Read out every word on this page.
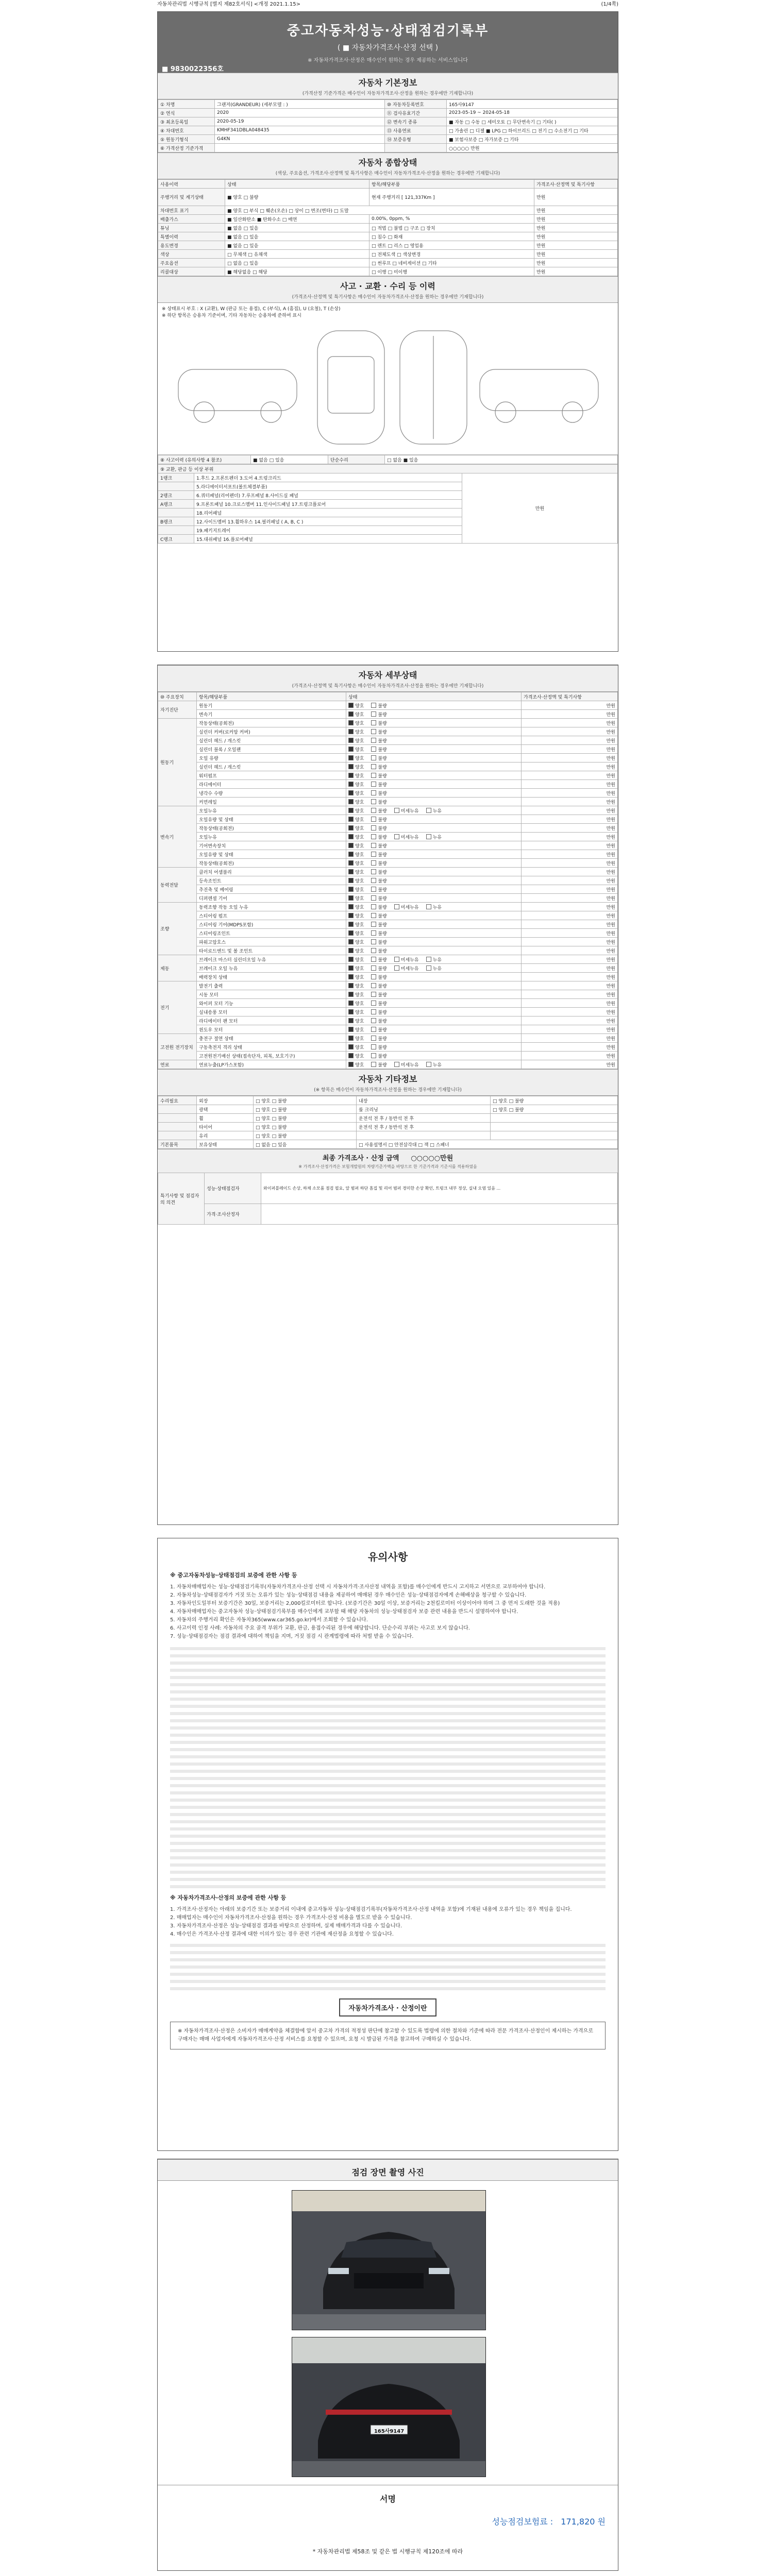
자동차관리법 시행규칙 [별지 제82호서식] <개정 2021.1.15>	(1/4쪽)
중고자동차성능·상태점검기록부
( ■ 자동차가격조사·산정 선택 )
※ 자동차가격조사·산정은 매수인이 원하는 경우 제공하는 서비스입니다
■ 9830022356호
자동차 기본정보
(가격산정 기준가격은 매수인이 자동차가격조사·산정을 원하는 경우에만 기재합니다)
① 차명	그랜저(GRANDEUR) (세부모델 : )	⑩ 자동차등록번호	165사9147
② 연식	2020	⑪ 검사유효기간	2023-05-19 ~ 2024-05-18
③ 최초등록일	2020-05-19	⑫ 변속기 종류	■ 자동 □ 수동 □ 세미오토 □ 무단변속기 □ 기타( )
④ 차대번호	KMHF341DBLA048435	⑬ 사용연료	□ 가솔린 □ 디젤 ■ LPG □ 하이브리드 □ 전기 □ 수소전기 □ 기타
⑤ 원동기형식	G4KN	⑭ 보증유형	■ 보험사보증 □ 자가보증 □ 기타
⑥ 가격산정 기준가격			○○○○○ 만원
자동차 종합상태
(색상, 주요옵션, 가격조사·산정액 및 특기사항은 매수인이 자동차가격조사·산정을 원하는 경우에만 기재합니다)
사용이력	상태	항목/해당부품	가격조사·산정액 및 특기사항
주행거리 및 계기상태	■ 양호 □ 불량	현재 주행거리 [ 121,337Km ]	만원
차대번호 표기	■ 양호 □ 부식 □ 훼손(오손) □ 상이 □ 변조(변타) □ 도말		만원
배출가스	■ 일산화탄소 ■ 탄화수소 □ 매연	0.00%, 0ppm, %	만원
튜닝	■ 없음 □ 있음	□ 적법 □ 불법 □ 구조 □ 장치	만원
특별이력	■ 없음 □ 있음	□ 침수 □ 화재	만원
용도변경	■ 없음 □ 있음	□ 렌트 □ 리스 □ 영업용	만원
색상	□ 무채색 □ 유채색	□ 전체도색 □ 색상변경	만원
주요옵션	□ 없음 □ 있음	□ 썬루프 □ 네비게이션 □ 기타	만원
리콜대상	■ 해당없음 □ 해당	□ 이행 □ 미이행	만원
사고 · 교환 · 수리 등 이력
(가격조사·산정액 및 특기사항은 매수인이 자동차가격조사·산정을 원하는 경우에만 기재합니다)
※ 상태표시 부호 : X (교환), W (판금 또는 용접), C (부식), A (흠집), U (요철), T (손상)
※ 하단 항목은 승용차 기준이며, 기타 자동차는 승용차에 준하여 표시
⑧ 사고이력 (유의사항 4 참조)	■ 없음 □ 있음	단순수리	□ 없음 ■ 있음
⑨ 교환, 판금 등 이상 부위		
1랭크	1.후드 2.프론트펜더 3.도어 4.트렁크리드	만원
	5.라디에이터서포트(볼트체결부품)	
2랭크	6.쿼터패널(리어펜더) 7.루프패널 8.사이드실 패널	
A랭크	9.프론트패널 10.크로스멤버 11.인사이드패널 17.트렁크플로어	
	18.리어패널	
B랭크	12.사이드멤버 13.휠하우스 14.필러패널 ( A, B, C )	
	19.패키지트레이	
C랭크	15.대쉬패널 16.플로어패널	
자동차 세부상태
(가격조사·산정액 및 특기사항은 매수인이 자동차가격조사·산정을 원하는 경우에만 기재합니다)
⑩ 주요장치	항목/해당부품	상태	가격조사·산정액 및 특기사항
자기진단	원동기	양호 불량	만원
	변속기	양호 불량	만원
원동기	작동상태(공회전)	양호 불량	만원
	실린더 커버(로커암 커버)	양호 불량	만원
	실린더 헤드 / 개스킷	양호 불량	만원
	실린더 블록 / 오일팬	양호 불량	만원
	오일 유량	양호 불량	만원
	실린더 헤드 / 개스킷	양호 불량	만원
	워터펌프	양호 불량	만원
	라디에이터	양호 불량	만원
	냉각수 수량	양호 불량	만원
	커먼레일	양호 불량	만원
변속기	오일누유	양호 불량 미세누유 누유	만원
	오일유량 및 상태	양호 불량	만원
	작동상태(공회전)	양호 불량	만원
	오일누유	양호 불량 미세누유 누유	만원
	기어변속장치	양호 불량	만원
	오일유량 및 상태	양호 불량	만원
	작동상태(공회전)	양호 불량	만원
동력전달	클러치 어셈블리	양호 불량	만원
	등속조인트	양호 불량	만원
	추진축 및 베어링	양호 불량	만원
	디퍼렌셜 기어	양호 불량	만원
조향	동력조향 작동 오일 누유	양호 불량 미세누유 누유	만원
	스티어링 펌프	양호 불량	만원
	스티어링 기어(MDPS포함)	양호 불량	만원
	스티어링조인트	양호 불량	만원
	파워고압호스	양호 불량	만원
	타이로드엔드 및 볼 조인트	양호 불량	만원
제동	브레이크 마스터 실린더오일 누유	양호 불량 미세누유 누유	만원
	브레이크 오일 누유	양호 불량 미세누유 누유	만원
	배력장치 상태	양호 불량	만원
전기	발전기 출력	양호 불량	만원
	시동 모터	양호 불량	만원
	와이퍼 모터 기능	양호 불량	만원
	실내송풍 모터	양호 불량	만원
	라디에이터 팬 모터	양호 불량	만원
	윈도우 모터	양호 불량	만원
고전원 전기장치	충전구 절연 상태	양호 불량	만원
	구동축전지 격리 상태	양호 불량	만원
	고전원전기배선 상태(접속단자, 피복, 보호기구)	양호 불량	만원
연료	연료누출(LP가스포함)	양호 불량 미세누유 누유	만원
자동차 기타정보
(※ 항목은 매수인이 자동차가격조사·산정을 원하는 경우에만 기재합니다)
수리필요	외장	□ 양호 □ 불량	내장	□ 양호 □ 불량
	광택	□ 양호 □ 불량	룸 크리닝	□ 양호 □ 불량
	휠	□ 양호 □ 불량	운전석 전 후 / 동반석 전 후	
	타이어	□ 양호 □ 불량	운전석 전 후 / 동반석 전 후	
	유리	□ 양호 □ 불량		
기본품목	보유상태	□ 없음 □ 있음	□ 사용설명서 □ 안전삼각대 □ 잭 □ 스패너	
최종 가격조사 · 산정 금액 ○○○○○만원
※ 가격조사·산정가격은 보험개발원의 차량기준가액을 바탕으로 한 기준가격과 기준서를 적용하였음
특기사항 및 점검자의 의견	성능·상태점검자	와이퍼블레이드 손상, 하체 소모품 점검 필요, 앞 범퍼 하단 흠집 및 리어 범퍼 경미한 손상 확인, 트렁크 내부 정상, 실내 오염 있음 ...
	가격·조사산정자	
유의사항
※ 중고자동차성능·상태점검의 보증에 관한 사항 등
1. 자동차매매업자는 성능·상태점검기록부(자동차가격조사·산정 선택 시 자동차가격·조사산정 내역을 포함)를 매수인에게 반드시 고지하고 서면으로 교부하여야 합니다.
2. 자동차성능·상태점검자가 거짓 또는 오류가 있는 성능·상태점검 내용을 제공하여 매매된 경우 매수인은 성능·상태점검자에게 손해배상을 청구할 수 있습니다.
3. 자동차인도일부터 보증기간은 30일, 보증거리는 2,000킬로미터로 합니다. (보증기간은 30일 이상, 보증거리는 2천킬로미터 이상이어야 하며 그 중 먼저 도래한 것을 적용)
4. 자동차매매업자는 중고자동차 성능·상태점검기록부를 매수인에게 교부할 때 해당 자동차의 성능·상태점검자 보증 관련 내용을 반드시 설명하여야 합니다.
5. 자동차의 주행거리 확인은 자동차365(www.car365.go.kr)에서 조회할 수 있습니다.
6. 사고이력 인정 사례: 자동차의 주요 골격 부위가 교환, 판금, 용접수리된 경우에 해당합니다. 단순수리 부위는 사고로 보지 않습니다.
7. 성능·상태점검자는 점검 결과에 대하여 책임을 지며, 거짓 점검 시 관계법령에 따라 처벌 받을 수 있습니다.
※ 자동차가격조사·산정의 보증에 관한 사항 등
1. 가격조사·산정자는 아래의 보증기간 또는 보증거리 이내에 중고자동차 성능·상태점검기록부(자동차가격조사·산정 내역을 포함)에 기재된 내용에 오류가 있는 경우 책임을 집니다.
2. 매매업자는 매수인이 자동차가격조사·산정을 원하는 경우 가격조사·산정 비용을 별도로 받을 수 있습니다.
3. 자동차가격조사·산정은 성능·상태점검 결과를 바탕으로 산정하며, 실제 매매가격과 다를 수 있습니다.
4. 매수인은 가격조사·산정 결과에 대한 이의가 있는 경우 관련 기관에 재산정을 요청할 수 있습니다.
자동차가격조사 · 산정이란
※ 자동차가격조사·산정은 소비자가 매매계약을 체결함에 앞서 중고차 가격의 적정성 판단에 참고할 수 있도록 법령에 의한 절차와 기준에 따라 전문 가격조사·산정인이 제시하는 가격으로 구매자는 매매 사업자에게 자동차가격조사·산정 서비스를 요청할 수 있으며, 요청 시 발급된 가격을 참고하여 구매하실 수 있습니다.
점검 장면 촬영 사진
165사9147
서명
성능점검보험료 : 171,820 원
* 자동차관리법 제58조 및 같은 법 시행규칙 제120조에 따라
